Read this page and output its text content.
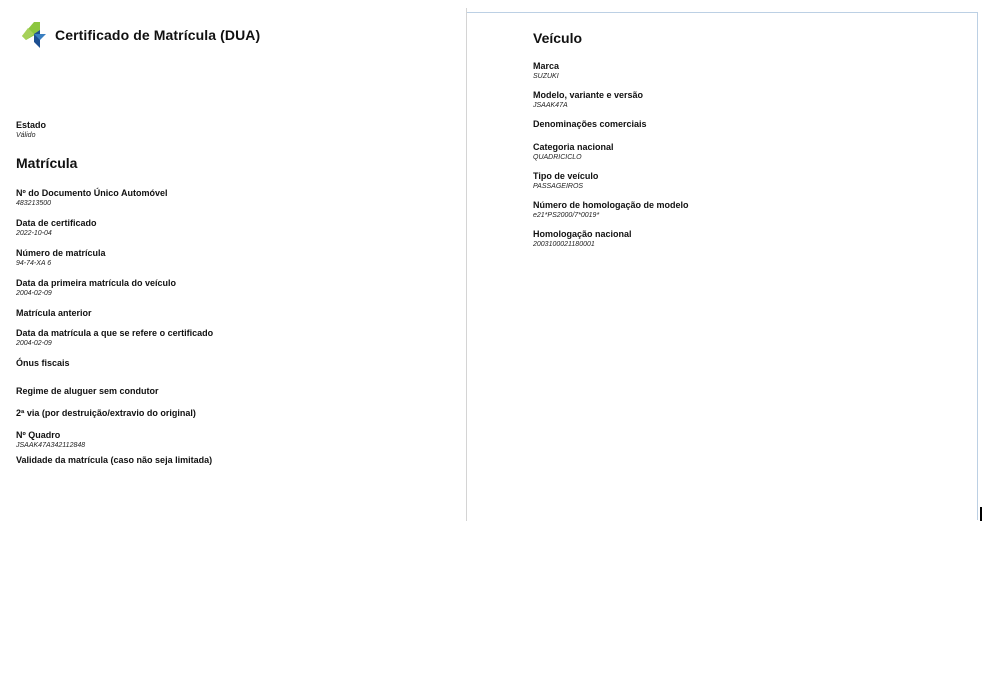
Certificado de Matrícula (DUA)
Estado
Válido
Matrícula
Nº do Documento Único Automóvel
483213500
Data de certificado
2022-10-04
Número de matrícula
94-74-XA 6
Data da primeira matrícula do veículo
2004-02-09
Matrícula anterior
Data da matrícula a que se refere o certificado
2004-02-09
Ónus fiscais
Regime de aluguer sem condutor
2ª via (por destruição/extravio do original)
Nº Quadro
JSAAK47A342112848
Validade da matrícula (caso não seja limitada)
Veículo
Marca
SUZUKI
Modelo, variante e versão
JSAAK47A
Denominações comerciais
Categoria nacional
QUADRICICLO
Tipo de veículo
PASSAGEIROS
Número de homologação de modelo
e21*PS2000/7*0019*
Homologação nacional
2003100021180001
